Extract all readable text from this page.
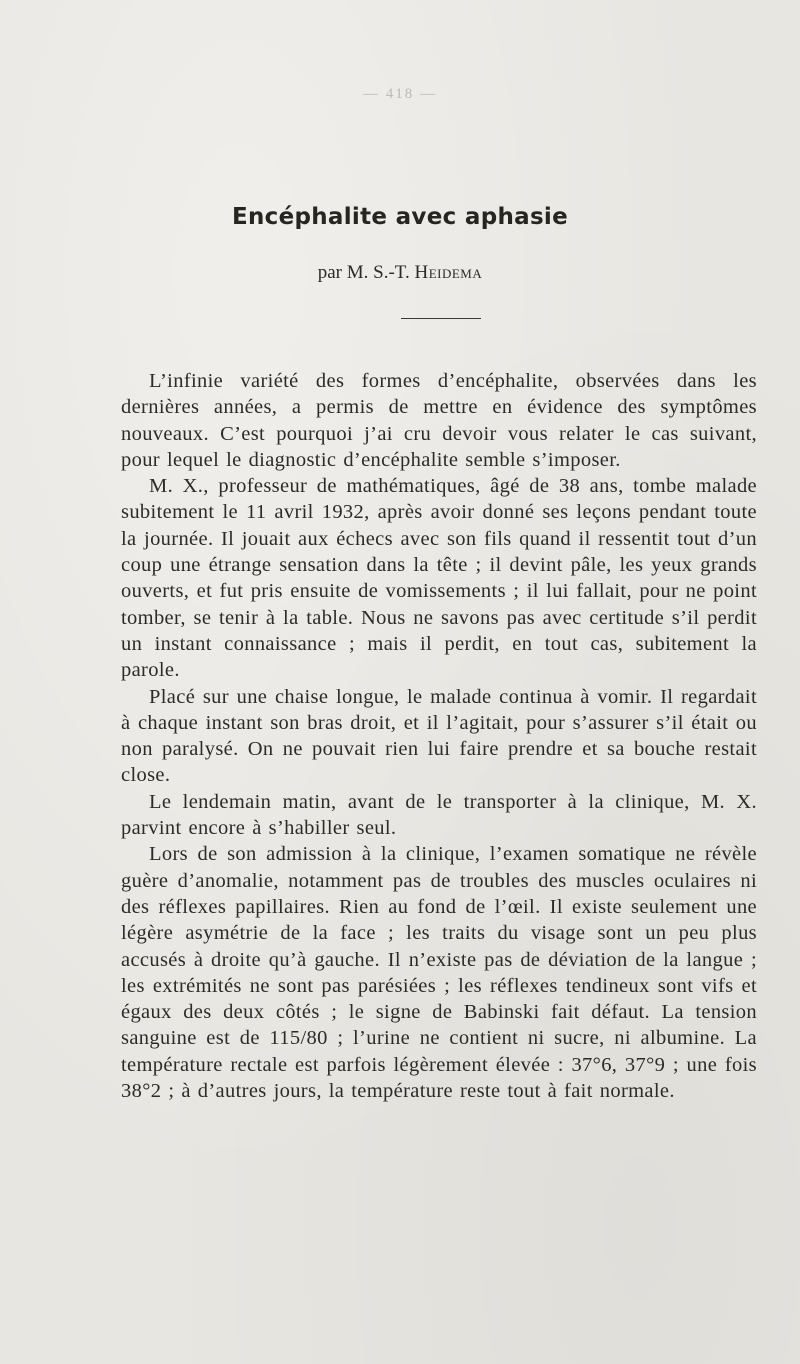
— 418 —
Encéphalite avec aphasie
par M. S.-T. Heidema

L’infinie variété des formes d’encéphalite, observées dans les dernières années, a permis de mettre en évidence des symptômes nouveaux. C’est pourquoi j’ai cru devoir vous relater le cas suivant, pour lequel le diagnostic d’encéphalite semble s’imposer.

M. X., professeur de mathématiques, âgé de 38 ans, tombe malade subitement le 11 avril 1932, après avoir donné ses leçons pendant toute la journée. Il jouait aux échecs avec son fils quand il ressentit tout d’un coup une étrange sensation dans la tête ; il devint pâle, les yeux grands ouverts, et fut pris ensuite de vomissements ; il lui fallait, pour ne point tomber, se tenir à la table. Nous ne savons pas avec certitude s’il perdit un instant connaissance ; mais il perdit, en tout cas, subitement la parole.

Placé sur une chaise longue, le malade continua à vomir. Il regardait à chaque instant son bras droit, et il l’agitait, pour s’assurer s’il était ou non paralysé. On ne pouvait rien lui faire prendre et sa bouche restait close.

Le lendemain matin, avant de le transporter à la clinique, M. X. parvint encore à s’habiller seul.

Lors de son admission à la clinique, l’examen somatique ne révèle guère d’anomalie, notamment pas de troubles des muscles oculaires ni des réflexes papillaires. Rien au fond de l’œil. Il existe seulement une légère asymétrie de la face ; les traits du visage sont un peu plus accusés à droite qu’à gauche. Il n’existe pas de déviation de la langue ; les extrémités ne sont pas parésiées ; les réflexes tendineux sont vifs et égaux des deux côtés ; le signe de Babinski fait défaut. La tension sanguine est de 115/80 ; l’urine ne contient ni sucre, ni albumine. La température rectale est parfois légèrement élevée : 37°6, 37°9 ; une fois 38°2 ; à d’autres jours, la température reste tout à fait normale.
